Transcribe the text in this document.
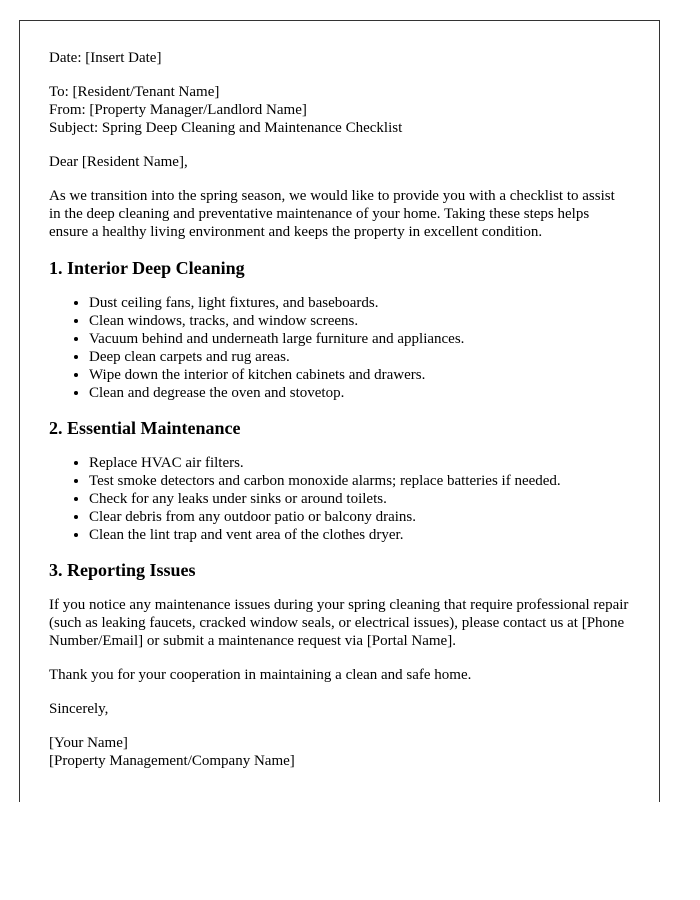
Date: [Insert Date]

To: [Resident/Tenant Name]
From: [Property Manager/Landlord Name]
Subject: Spring Deep Cleaning and Maintenance Checklist

Dear [Resident Name],

As we transition into the spring season, we would like to provide you with a checklist to assist in the deep cleaning and preventative maintenance of your home. Taking these steps helps ensure a healthy living environment and keeps the property in excellent condition.

1. Interior Deep Cleaning
• Dust ceiling fans, light fixtures, and baseboards.
• Clean windows, tracks, and window screens.
• Vacuum behind and underneath large furniture and appliances.
• Deep clean carpets and rug areas.
• Wipe down the interior of kitchen cabinets and drawers.
• Clean and degrease the oven and stovetop.
2. Essential Maintenance
• Replace HVAC air filters.
• Test smoke detectors and carbon monoxide alarms; replace batteries if needed.
• Check for any leaks under sinks or around toilets.
• Clear debris from any outdoor patio or balcony drains.
• Clean the lint trap and vent area of the clothes dryer.
3. Reporting Issues

If you notice any maintenance issues during your spring cleaning that require professional repair (such as leaking faucets, cracked window seals, or electrical issues), please contact us at [Phone Number/Email] or submit a maintenance request via [Portal Name].

Thank you for your cooperation in maintaining a clean and safe home.

Sincerely,

[Your Name]
[Property Management/Company Name]
